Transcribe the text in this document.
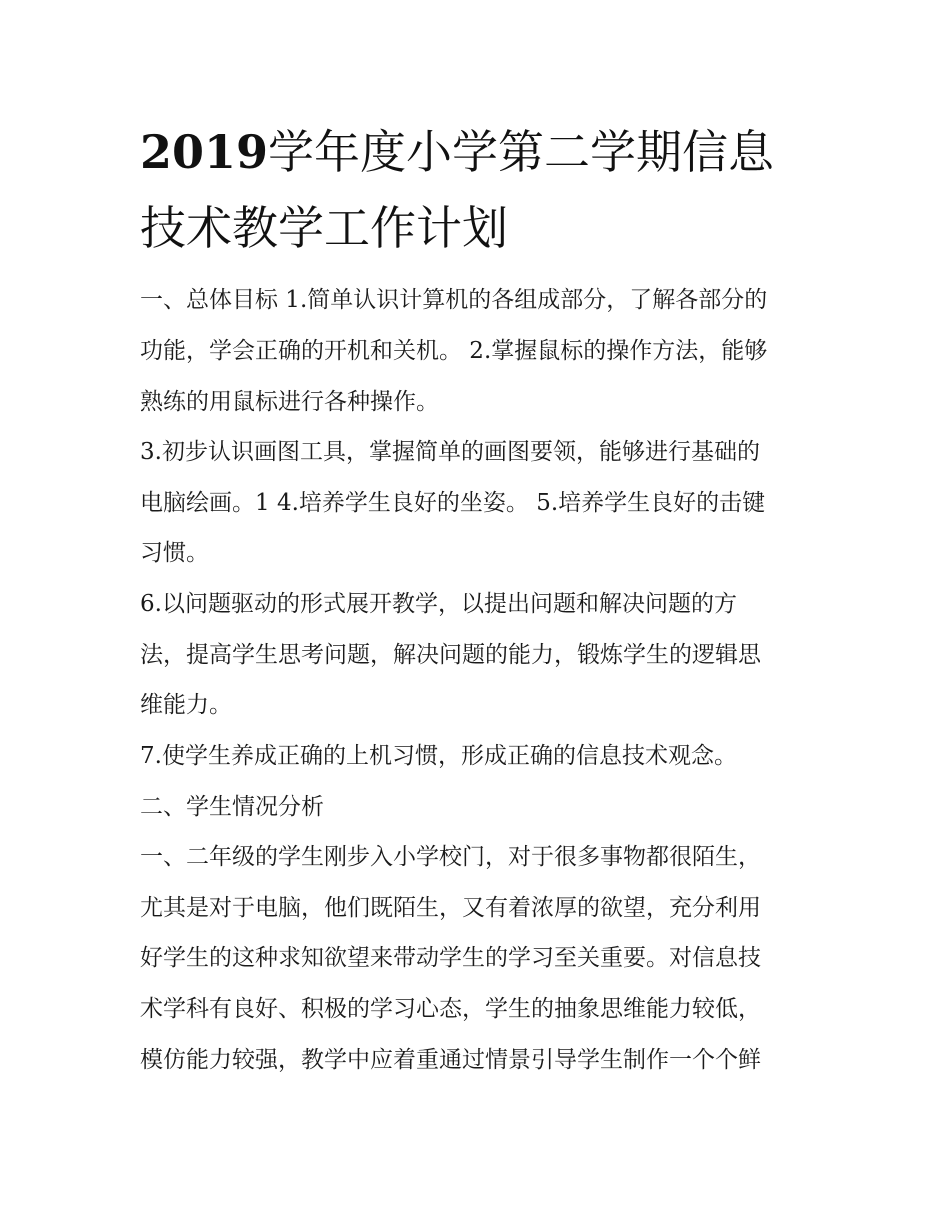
2019学年度小学第二学期信息
技术教学工作计划
一、总体目标 1.简单认识计算机的各组成部分，了解各部分的
功能，学会正确的开机和关机。 2.掌握鼠标的操作方法，能够
熟练的用鼠标进行各种操作。
3.初步认识画图工具，掌握简单的画图要领，能够进行基础的
电脑绘画。1 4.培养学生良好的坐姿。 5.培养学生良好的击键
习惯。
6.以问题驱动的形式展开教学，以提出问题和解决问题的方
法，提高学生思考问题，解决问题的能力，锻炼学生的逻辑思
维能力。
7.使学生养成正确的上机习惯，形成正确的信息技术观念。
二、学生情况分析
一、二年级的学生刚步入小学校门，对于很多事物都很陌生，
尤其是对于电脑，他们既陌生，又有着浓厚的欲望，充分利用
好学生的这种求知欲望来带动学生的学习至关重要。对信息技
术学科有良好、积极的学习心态，学生的抽象思维能力较低，
模仿能力较强，教学中应着重通过情景引导学生制作一个个鲜
